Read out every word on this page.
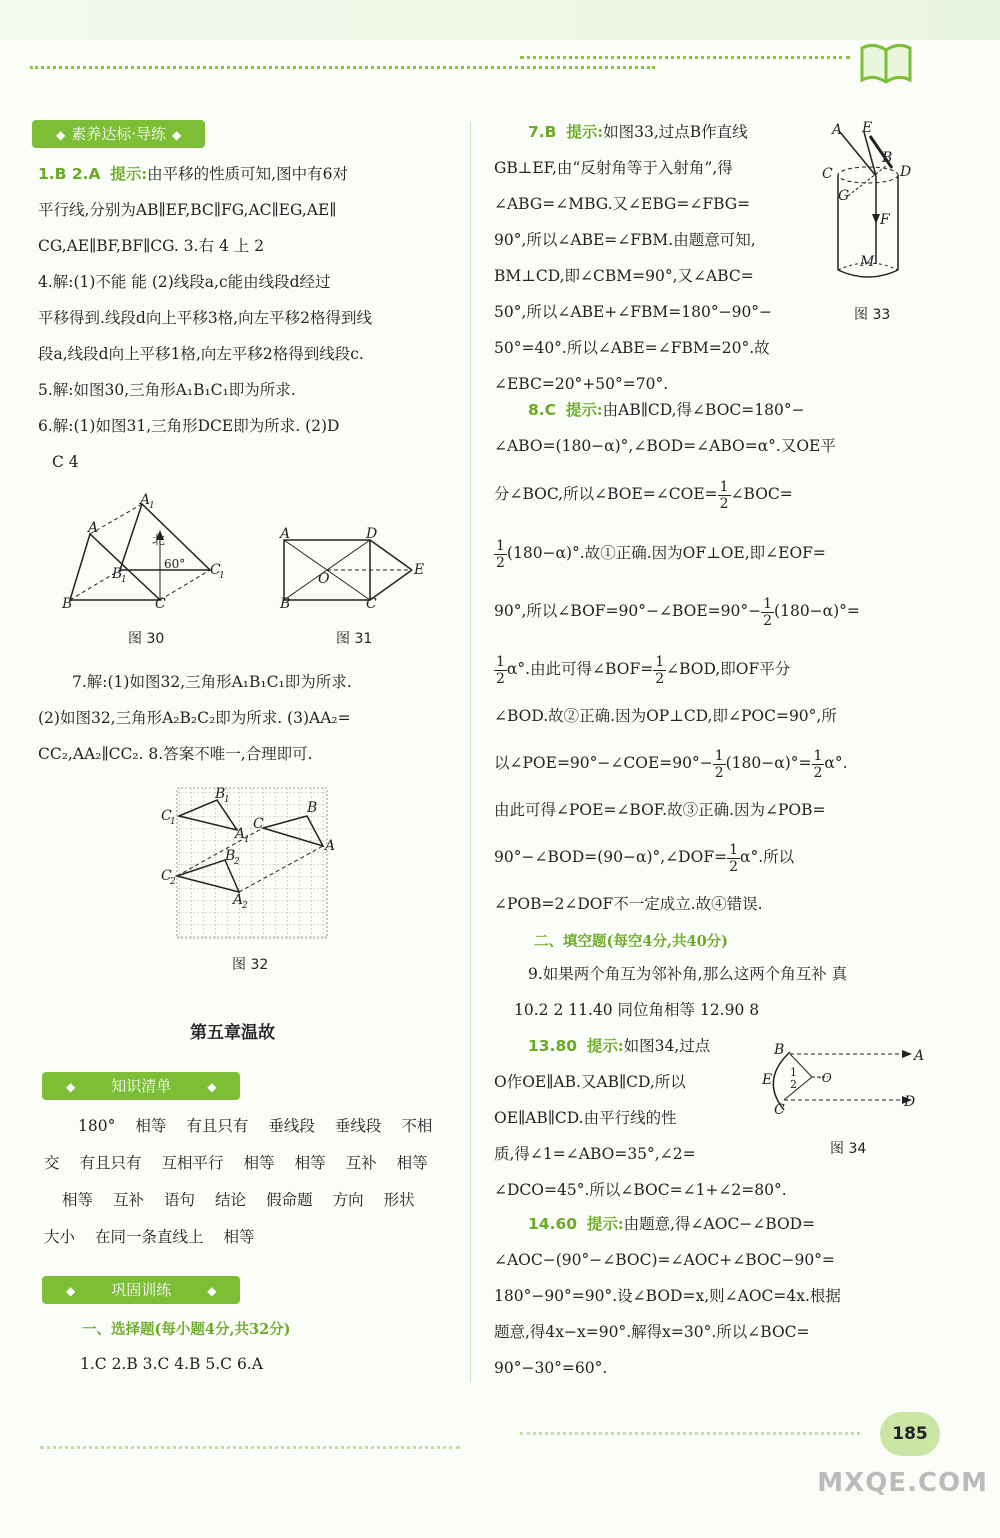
◆ 素养达标·导练 ◆

1.B 2.A 提示:由平移的性质可知,图中有6对

平行线,分别为AB∥EF,BC∥FG,AC∥EG,AE∥

CG,AE∥BF,BF∥CG. 3.右 4 上 2

4.解:(1)不能 能 (2)线段a,c能由线段d经过

平移得到.线段d向上平移3格,向左平移2格得到线

段a,线段d向上平移1格,向左平移2格得到线段c.

5.解:如图30,三角形A₁B₁C₁即为所求.

6.解:(1)如图31,三角形DCE即为所求. (2)D

C 4

A
A
1
B
B
1
C
C
1
北
60°
图 30
A	D
B	C
E
O
图 31

7.解:(1)如图32,三角形A₁B₁C₁即为所求.

(2)如图32,三角形A₂B₂C₂即为所求. (3)AA₂=

CC₂,AA₂∥CC₂. 8.答案不唯一,合理即可.

C
1
B
1
A
1
C
B
A
C
2
B
2
A
2
图 32
第五章温故
◆ 知识清单	◆

180° 相等 有且只有 垂线段 垂线段 不相

交 有且只有 互相平行 相等 相等 互补 相等

相等 互补 语句 结论 假命题 方向 形状

大小 在同一条直线上 相等

◆ 巩固训练	◆
一、选择题(每小题4分,共32分)

1.C 2.B 3.C 4.B 5.C 6.A

7.B 提示:如图33,过点B作直线

GB⊥EF,由“反射角等于入射角”,得

∠ABG=∠MBG.又∠EBG=∠FBG=

90°,所以∠ABE=∠FBM.由题意可知,

BM⊥CD,即∠CBM=90°,又∠ABC=

50°,所以∠ABE+∠FBM=180°−90°−

50°=40°.所以∠ABE=∠FBM=20°.故

∠EBC=20°+50°=70°.

A E
B
D
C
G
F
M
图 33

8.C 提示:由AB∥CD,得∠BOC=180°−

∠ABO=(180−α)°,∠BOD=∠ABO=α°.又OE平

分∠BOC,所以∠BOE=∠COE= $\frac{1}{2}$ ∠BOC=

$\frac{1}{2} (180-\alpha)^\circ$.故①正确.因为OF⊥OE,即∠EOF=

90°,所以∠BOF=90°−∠BOE=90°− $\frac{1}{2} (180-\alpha)^\circ=$

$\frac{1}{2} \alpha^\circ$.由此可得∠BOF= $\frac{1}{2}$ ∠BOD,即OF平分

∠BOD.故②正确.因为OP⊥CD,即∠POC=90°,所

以∠POE=90°−∠COE=90°− $\frac{1}{2} (180-\alpha)^\circ= \frac{1}{2} \alpha^\circ$.

由此可得∠POE=∠BOF.故③正确.因为∠POB=

90°−∠BOD=(90−α)°,∠DOF= $\frac{1}{2} \alpha^\circ$.所以

∠POB=2∠DOF不一定成立.故④错误.

二、填空题(每空4分,共40分)

9.如果两个角互为邻补角,那么这两个角互补 真

10.2 2 11.40 同位角相等 12.90 8

13.80 提示:如图34,过点

O作OE∥AB.又AB∥CD,所以

OE∥AB∥CD.由平行线的性

质,得∠1=∠ABO=35°,∠2=

∠DCO=45°.所以∠BOC=∠1+∠2=80°.

B	A
E	·O
1
2
C	D
图 34

14.60 提示:由题意,得∠AOC−∠BOD=

∠AOC−(90°−∠BOC)=∠AOC+∠BOC−90°=

180°−90°=90°.设∠BOD=x,则∠AOC=4x.根据

题意,得4x−x=90°.解得x=30°.所以∠BOC=

90°−30°=60°.

185
MXQE.COM
